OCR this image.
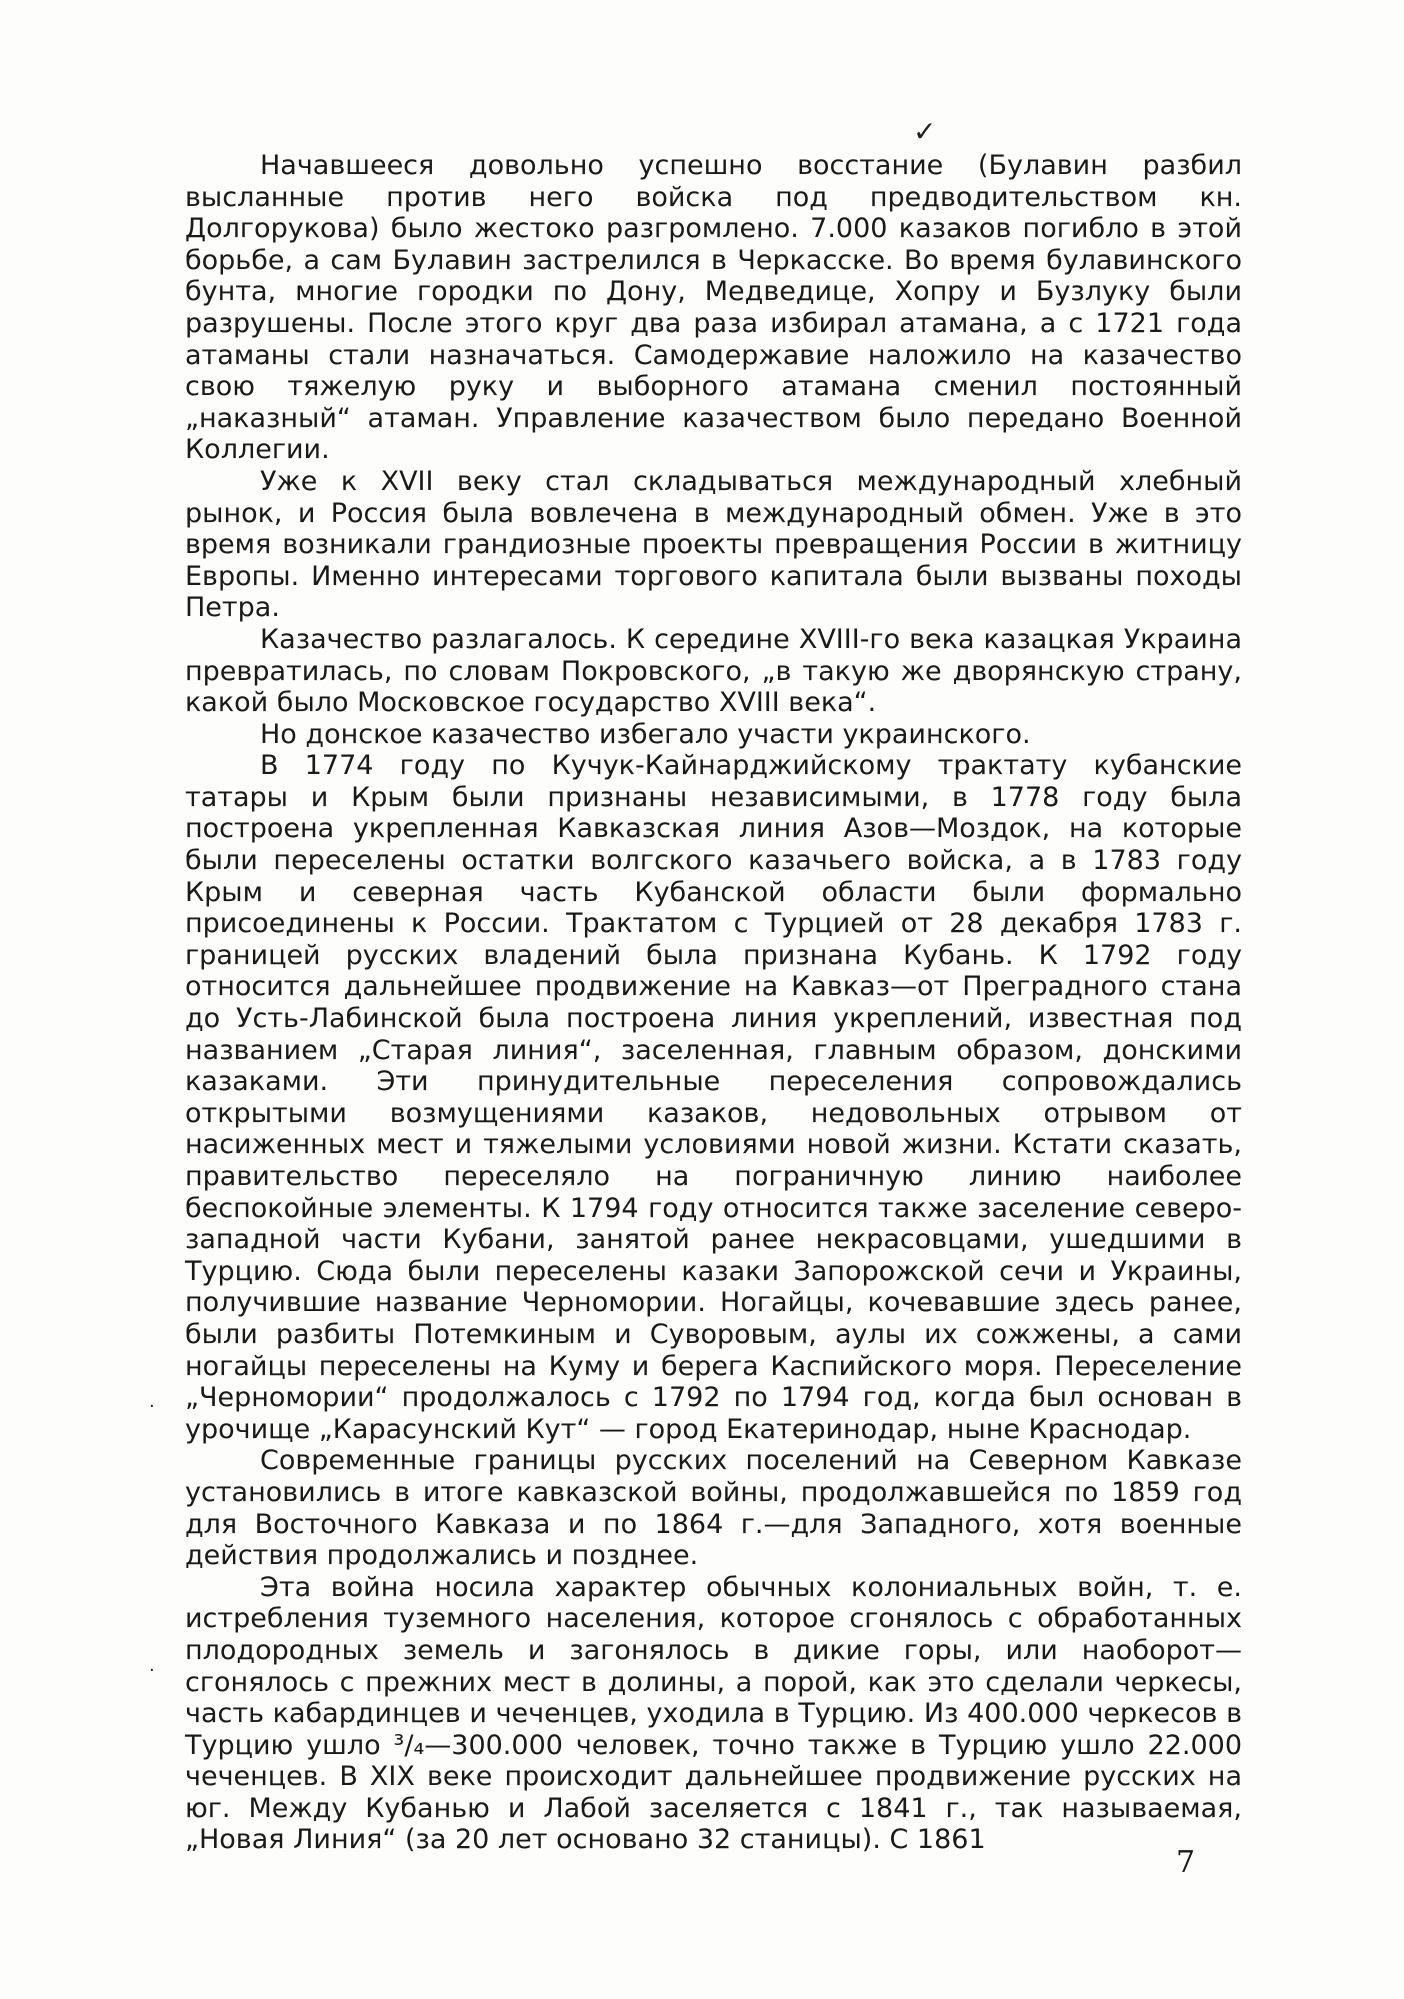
✓
·
·

Начавшееся довольно успешно восстание (Булавин разбил высланные против него войска под предводительством кн. Долгорукова) было жестоко разгромлено. 7.000 казаков погибло в этой борьбе, а сам Булавин застрелился в Черкасске. Во время булавинского бунта, многие городки по Дону, Медведице, Хопру и Бузлуку были разрушены. После этого круг два раза избирал атамана, а с 1721 года атаманы стали назначаться. Самодержавие наложило на казачество свою тяжелую руку и выборного атамана сменил постоянный „наказный“ атаман. Управление казачеством было передано Военной Коллегии.

Уже к XVII веку стал складываться международный хлебный рынок, и Россия была вовлечена в международный обмен. Уже в это время возникали грандиозные проекты превращения России в житницу Европы. Именно интересами торгового капитала были вызваны походы Петра.

Казачество разлагалось. К середине XVIII-го века казацкая Украина превратилась, по словам Покровского, „в такую же дворянскую страну, какой было Московское государство XVIII века“.

Но донское казачество избегало участи украинского.

В 1774 году по Кучук-Кайнарджийскому трактату кубанские татары и Крым были признаны независимыми, в 1778 году была построена укрепленная Кавказская линия Азов—Моздок, на которые были переселены остатки волгского казачьего войска, а в 1783 году Крым и северная часть Кубанской области были формально присоединены к России. Трактатом с Турцией от 28 декабря 1783 г. границей русских владений была признана Кубань. К 1792 году относится дальнейшее продвижение на Кавказ—от Преградного стана до Усть-Лабинской была построена линия укреплений, известная под названием „Старая линия“, заселенная, главным образом, донскими казаками. Эти принудительные переселения сопровождались открытыми возмущениями казаков, недовольных отрывом от насиженных мест и тяжелыми условиями новой жизни. Кстати сказать, правительство переселяло на пограничную линию наиболее беспокойные элементы. К 1794 году относится также заселение северо-западной части Кубани, занятой ранее некрасовцами, ушедшими в Турцию. Сюда были переселены казаки Запорожской сечи и Украины, получившие название Черномории. Ногайцы, кочевавшие здесь ранее, были разбиты Потемкиным и Суворовым, аулы их сожжены, а сами ногайцы переселены на Куму и берега Каспийского моря. Переселение „Черномории“ продолжалось с 1792 по 1794 год, когда был основан в урочище „Карасунский Кут“ — город Екатеринодар, ныне Краснодар.

Современные границы русских поселений на Северном Кавказе установились в итоге кавказской войны, продолжавшейся по 1859 год для Восточного Кавказа и по 1864 г.—для Западного, хотя военные действия продолжались и позднее.

Эта война носила характер обычных колониальных войн, т. е. истребления туземного населения, которое сгонялось с обработанных плодородных земель и загонялось в дикие горы, или наоборот—сгонялось с прежних мест в долины, а порой, как это сделали черкесы, часть кабардинцев и чеченцев, уходила в Турцию. Из 400.000 черкесов в Турцию ушло ³/₄—300.000 человек, точно также в Турцию ушло 22.000 чеченцев. В XIX веке происходит дальнейшее продвижение русских на юг. Между Кубанью и Лабой заселяется с 1841 г., так называемая, „Новая Линия“ (за 20 лет основано 32 станицы). С 1861

7
